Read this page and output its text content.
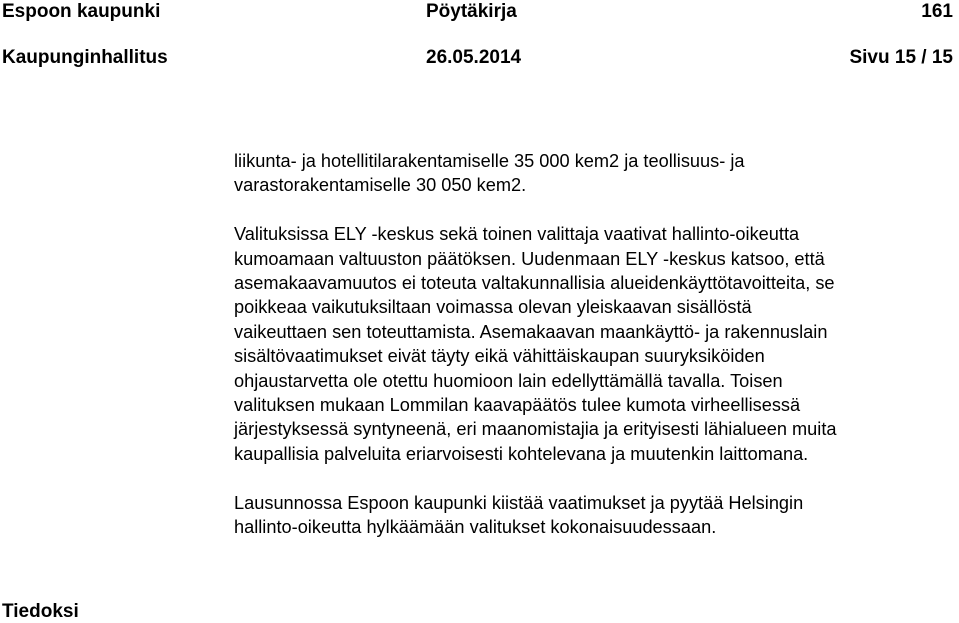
Espoon kaupunki	Pöytäkirja	161
Kaupunginhallitus	26.05.2014	Sivu 15 / 15
liikunta- ja hotellitilarakentamiselle 35 000 kem2 ja teollisuus- ja
varastorakentamiselle 30 050 kem2.
Valituksissa ELY -keskus sekä toinen valittaja vaativat hallinto-oikeutta
kumoamaan valtuuston päätöksen. Uudenmaan ELY -keskus katsoo, että
asemakaavamuutos ei toteuta valtakunnallisia alueidenkäyttötavoitteita, se
poikkeaa vaikutuksiltaan voimassa olevan yleiskaavan sisällöstä
vaikeuttaen sen toteuttamista. Asemakaavan maankäyttö- ja rakennuslain
sisältövaatimukset eivät täyty eikä vähittäiskaupan suuryksiköiden
ohjaustarvetta ole otettu huomioon lain edellyttämällä tavalla. Toisen
valituksen mukaan Lommilan kaavapäätös tulee kumota virheellisessä
järjestyksessä syntyneenä, eri maanomistajia ja erityisesti lähialueen muita
kaupallisia palveluita eriarvoisesti kohtelevana ja muutenkin laittomana.
Lausunnossa Espoon kaupunki kiistää vaatimukset ja pyytää Helsingin
hallinto-oikeutta hylkäämään valitukset kokonaisuudessaan.
Tiedoksi
